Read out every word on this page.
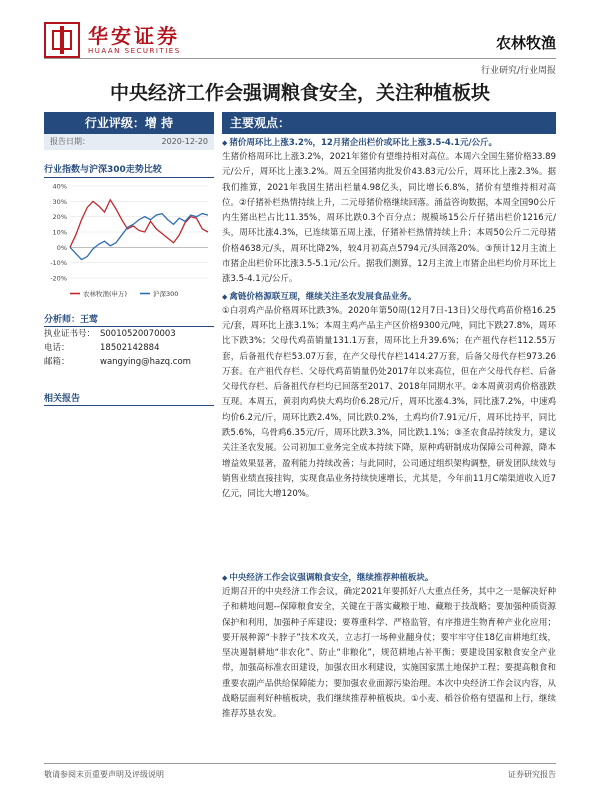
华安证券
HUAAN SECURITIES	农林牧渔
行业研究/行业周报
中央经济工作会强调粮食安全，关注种植板块
行业评级：增 持
报告日期：	2020-12-20
行业指数与沪深300走势比较
40%
30%
20%
10%
0%
-10%
-20%
农林牧渔(申万)	沪深300
分析师：王莺
执业证书号： S0010520070003
电话：	18502142884
邮箱：	wangying@hazq.com
相关报告
主要观点：
◆ 猪价周环比上涨3.2%，12月猪企出栏价或环比上涨3.5-4.1元/公斤。

生猪价格周环比上涨3.2%，2021年猪价有望维持相对高位。本周六全国生猪价格33.89元/公斤，周环比上涨3.2%。周五全国猪肉批发价43.83元/公斤，周环比上涨2.3%。据我们推算，2021年我国生猪出栏量4.98亿头，同比增长6.8%，猪价有望维持相对高位。②仔猪补栏热情持续上升，二元母猪价格继续回落。涌益咨询数据，本周全国90公斤内生猪出栏占比11.35%，周环比跌0.3个百分点；规模场15公斤仔猪出栏价1216元/头，周环比涨4.3%，已连续第五周上涨，仔猪补栏热情持续上升；本周50公斤二元母猪价格4638元/头，周环比降2%，较4月初高点5794元/头回落20%。③预计12月主流上市猪企出栏价环比涨3.5-5.1元/公斤。据我们测算，12月主流上市猪企出栏均价月环比上涨3.5-4.1元/公斤。

◆ 禽链价格源联互现，继续关注圣农发展食品业务。

①白羽鸡产品价格周环比跌3%。2020年第50周(12月7日-13日)父母代鸡苗价格16.25元/套，周环比上涨3.1%；本周主鸡产品主产区价格9300元/吨，同比下跌27.8%，周环比下跌3%；父母代鸡苗销量131.1万套，周环比上升39.6%；在产祖代存栏112.55万套，后备祖代存栏53.07万套，在产父母代存栏1414.27万套，后备父母代存栏973.26万套。在产祖代存栏、父母代鸡苗销量仍处2017年以来高位，但在产父母代存栏、后备父母代存栏、后备祖代存栏均已回落至2017、2018年同期水平。②本周黄羽鸡价格涨跌互现。本周五，黄羽肉鸡快大鸡均价6.28元/斤，周环比涨4.3%，同比涨7.2%，中速鸡均价6.2元/斤，周环比跌2.4%，同比跌0.2%，土鸡均价7.91元/斤，周环比持平，同比跌5.6%，乌骨鸡6.35元/斤，周环比跌3.3%，同比跌1.1%；③圣农食品持续发力，建议关注圣农发展。公司初加工业务完全成本持续下降，原种鸡研制成功保障公司种源，降本增益效果显著，盈利能力持续改善；与此同时，公司通过组织架构调整，研发团队续效与销售业绩直接挂钩，实现食品业务持续快速增长，尤其是，今年前11月C端渠道收入近7亿元，同比大增120%。

◆ 中央经济工作会议强调粮食安全，继续推荐种植板块。

近期召开的中央经济工作会议，确定2021年要抓好八大重点任务，其中之一是解决好种子和耕地问题--保障粮食安全，关键在于落实藏粮于地、藏粮于技战略；要加强种质资源保护和利用，加强种子库建设；要尊重科学、严格监管，有序推进生物育种产业化应用；要开展种源“卡脖子”技术攻关，立志打一场种业翻身仗；要牢牢守住18亿亩耕地红线，坚决遏制耕地“非农化”、防止“非粮化”，规范耕地占补平衡；要建设国家粮食安全产业带，加强高标准农田建设，加强农田水利建设，实施国家黑土地保护工程；要提高粮食和重要农副产品供给保障能力；要加强农业面源污染治理。本次中央经济工作会议内容，从战略层面利好种植板块，我们继续推荐种植板块。①小麦、稻谷价格有望温和上行，继续推荐苏垦农发。

敬请参阅末页重要声明及评级说明	证券研究报告
